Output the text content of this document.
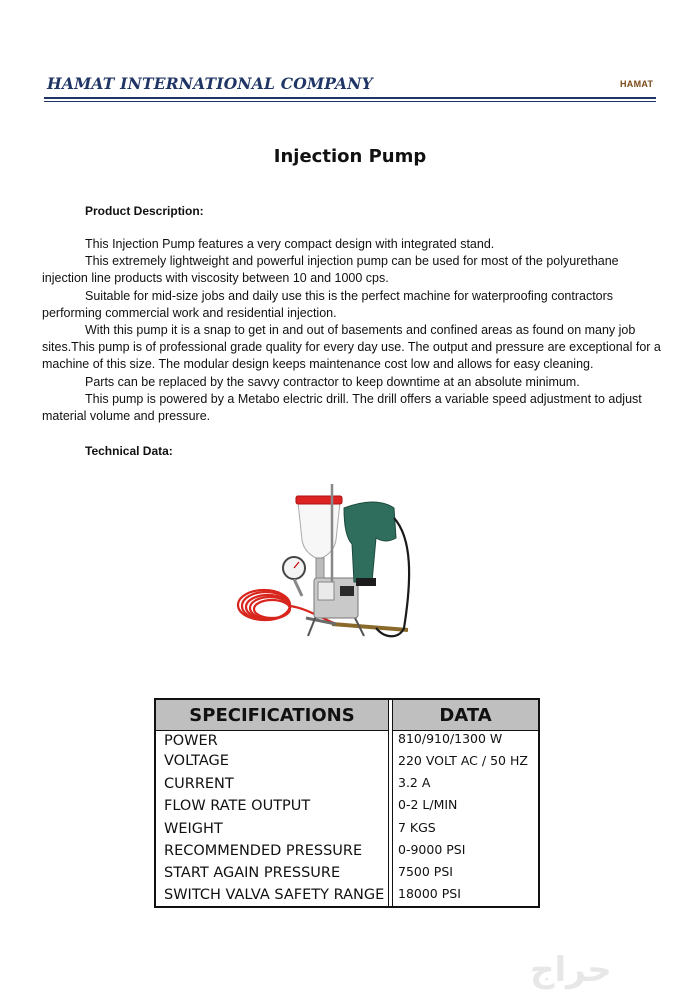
HAMAT INTERNATIONAL COMPANY	HAMAT
Injection Pump
Product Description:

This Injection Pump features a very compact design with integrated stand.

This extremely lightweight and powerful injection pump can be used for most of the polyurethane injection line products with viscosity between 10 and 1000 cps.

Suitable for mid-size jobs and daily use this is the perfect machine for waterproofing contractors performing commercial work and residential injection.

With this pump it is a snap to get in and out of basements and confined areas as found on many job sites.This pump is of professional grade quality for every day use. The output and pressure are exceptional for a machine of this size. The modular design keeps maintenance cost low and allows for easy cleaning.

Parts can be replaced by the savvy contractor to keep downtime at an absolute minimum.

This pump is powered by a Metabo electric drill. The drill offers a variable speed adjustment to adjust material volume and pressure.

Technical Data:
SPECIFICATIONS	DATA
POWER	810/910/1300 W
VOLTAGE	220 VOLT AC / 50 HZ
CURRENT	3.2 A
FLOW RATE OUTPUT	0-2 L/MIN
WEIGHT	7 KGS
RECOMMENDED PRESSURE	0-9000 PSI
START AGAIN PRESSURE	7500 PSI
SWITCH VALVA SAFETY RANGE 18000 PSI
حراج
